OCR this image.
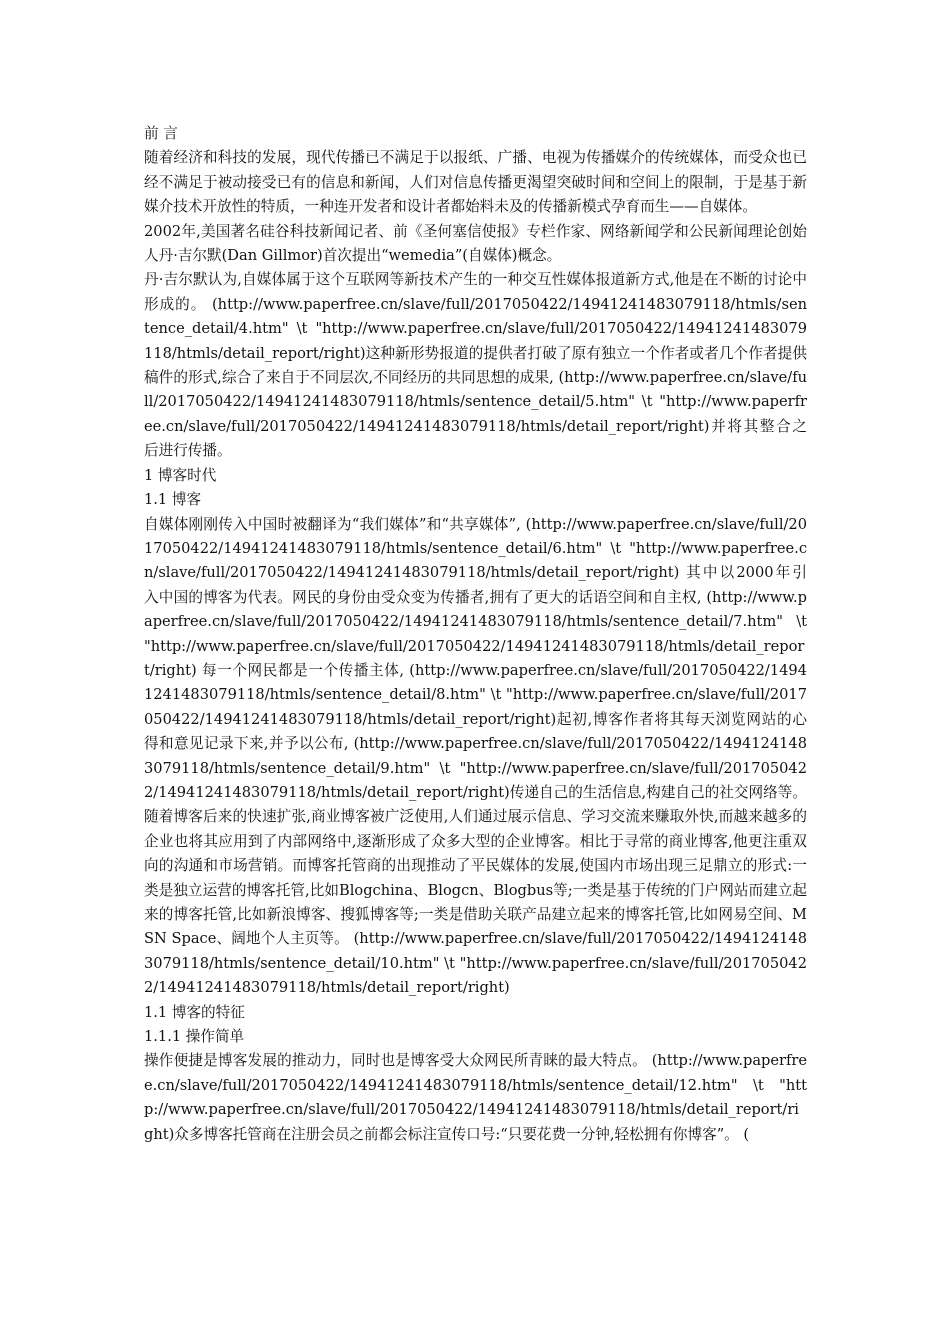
前 言

随着经济和科技的发展，现代传播已不满足于以报纸、广播、电视为传播媒介的传统媒体，而受众也已经不满足于被动接受已有的信息和新闻，人们对信息传播更渴望突破时间和空间上的限制，于是基于新媒介技术开放性的特质，一种连开发者和设计者都始料未及的传播新模式孕育而生——自媒体。

2002年,美国著名硅谷科技新闻记者、前《圣何塞信使报》专栏作家、网络新闻学和公民新闻理论创始人丹·吉尔默(Dan Gillmor)首次提出“wemedia”(自媒体)概念。

丹·吉尔默认为,自媒体属于这个互联网等新技术产生的一种交互性媒体报道新方式,他是在不断的讨论中形成的。 (http://www.paperfree.cn/slave/full/2017050422/14941241483079118/htmls/sentence_detail/4.htm" \t "http://www.paperfree.cn/slave/full/2017050422/14941241483079118/htmls/detail_report/right)这种新形势报道的提供者打破了原有独立一个作者或者几个作者提供稿件的形式,综合了来自于不同层次,不同经历的共同思想的成果, (http://www.paperfree.cn/slave/full/2017050422/14941241483079118/htmls/sentence_detail/5.htm" \t "http://www.paperfree.cn/slave/full/2017050422/14941241483079118/htmls/detail_report/right)并将其整合之后进行传播。

1 博客时代
1.1 博客

自媒体刚刚传入中国时被翻译为“我们媒体”和“共享媒体”, (http://www.paperfree.cn/slave/full/2017050422/14941241483079118/htmls/sentence_detail/6.htm" \t "http://www.paperfree.cn/slave/full/2017050422/14941241483079118/htmls/detail_report/right) 其中以2000年引入中国的博客为代表。网民的身份由受众变为传播者,拥有了更大的话语空间和自主权, (http://www.paperfree.cn/slave/full/2017050422/14941241483079118/htmls/sentence_detail/7.htm" \t "http://www.paperfree.cn/slave/full/2017050422/14941241483079118/htmls/detail_report/right) 每一个网民都是一个传播主体, (http://www.paperfree.cn/slave/full/2017050422/14941241483079118/htmls/sentence_detail/8.htm" \t "http://www.paperfree.cn/slave/full/2017050422/14941241483079118/htmls/detail_report/right)起初,博客作者将其每天浏览网站的心得和意见记录下来,并予以公布, (http://www.paperfree.cn/slave/full/2017050422/14941241483079118/htmls/sentence_detail/9.htm" \t "http://www.paperfree.cn/slave/full/2017050422/14941241483079118/htmls/detail_report/right)传递自己的生活信息,构建自己的社交网络等。随着博客后来的快速扩张,商业博客被广泛使用,人们通过展示信息、学习交流来赚取外快,而越来越多的企业也将其应用到了内部网络中,逐渐形成了众多大型的企业博客。相比于寻常的商业博客,他更注重双向的沟通和市场营销。而博客托管商的出现推动了平民媒体的发展,使国内市场出现三足鼎立的形式:一类是独立运营的博客托管,比如Blogchina、Blogcn、Blogbus等;一类是基于传统的门户网站而建立起来的博客托管,比如新浪博客、搜狐博客等;一类是借助关联产品建立起来的博客托管,比如网易空间、MSN Space、阔地个人主页等。 (http://www.paperfree.cn/slave/full/2017050422/14941241483079118/htmls/sentence_detail/10.htm" \t "http://www.paperfree.cn/slave/full/2017050422/14941241483079118/htmls/detail_report/right)

1.1 博客的特征
1.1.1 操作简单

操作便捷是博客发展的推动力，同时也是博客受大众网民所青睐的最大特点。 (http://www.paperfree.cn/slave/full/2017050422/14941241483079118/htmls/sentence_detail/12.htm" \t "http://www.paperfree.cn/slave/full/2017050422/14941241483079118/htmls/detail_report/right)众多博客托管商在注册会员之前都会标注宣传口号:“只要花费一分钟,轻松拥有你博客”。 (
